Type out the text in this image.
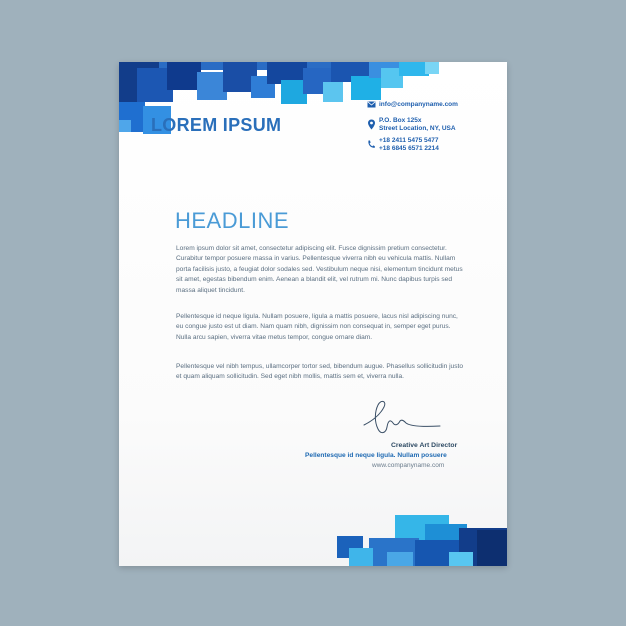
LOREM IPSUM
info@companyname.com
P.O. Box 125x
Street Location, NY, USA
+18 2411 5475 5477
+18 6845 6571 2214
HEADLINE
Lorem ipsum dolor sit amet, consectetur adipiscing elit. Fusce dignissim pretium consectetur. Curabitur tempor posuere massa in varius. Pellentesque viverra nibh eu vehicula mattis. Nullam porta facilisis justo, a feugiat dolor sodales sed. Vestibulum neque nisi, elementum tincidunt metus sit amet, egestas bibendum enim. Aenean a blandit elit, vel rutrum mi. Nunc dapibus turpis sed massa aliquet tincidunt.
Pellentesque id neque ligula. Nullam posuere, ligula a mattis posuere, lacus nisl adipiscing nunc, eu congue justo est ut diam. Nam quam nibh, dignissim non consequat in, semper eget purus. Nulla arcu sapien, viverra vitae metus tempor, congue ornare diam.
Pellentesque vel nibh tempus, ullamcorper tortor sed, bibendum augue. Phasellus sollicitudin justo et quam aliquam sollicitudin. Sed eget nibh mollis, mattis sem et, viverra nulla.
Creative Art Director
Pellentesque id neque ligula. Nullam posuere
www.companyname.com
